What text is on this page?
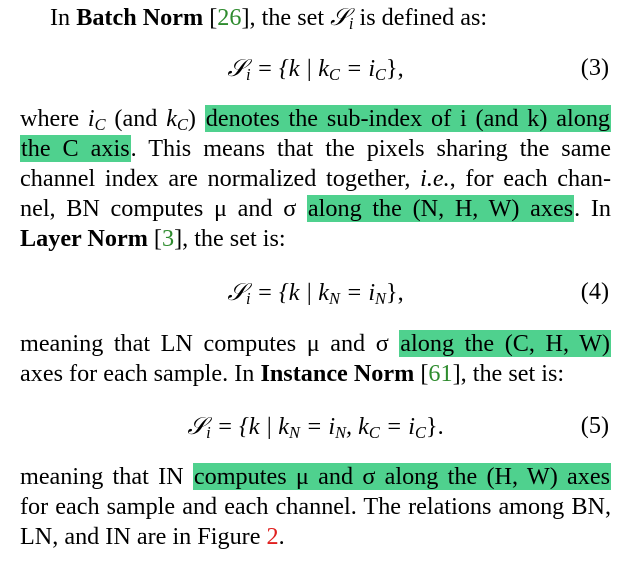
In Batch Norm [26], the set 𝒮$_i$ is defined as:

𝒮$_i$ = {k | $k_C = i_C$},	(3)
where $i_C$ (and $k_C$) denotes the sub-index of i (and k) along
the C axis. This means that the pixels sharing the same
channel index are normalized together, i.e., for each chan-
nel, BN computes μ and σ along the (N, H, W) axes. In
Layer Norm [3], the set is:
𝒮$_i$ = {k | $k_N = i_N$},	(4)
meaning that LN computes μ and σ along the (C, H, W)
axes for each sample. In Instance Norm [61], the set is:
𝒮$_i$ = {k | $k_N = i_N$, $k_C = i_C$}.	(5)
meaning that IN computes μ and σ along the (H, W) axes
for each sample and each channel. The relations among BN,
LN, and IN are in Figure 2.
